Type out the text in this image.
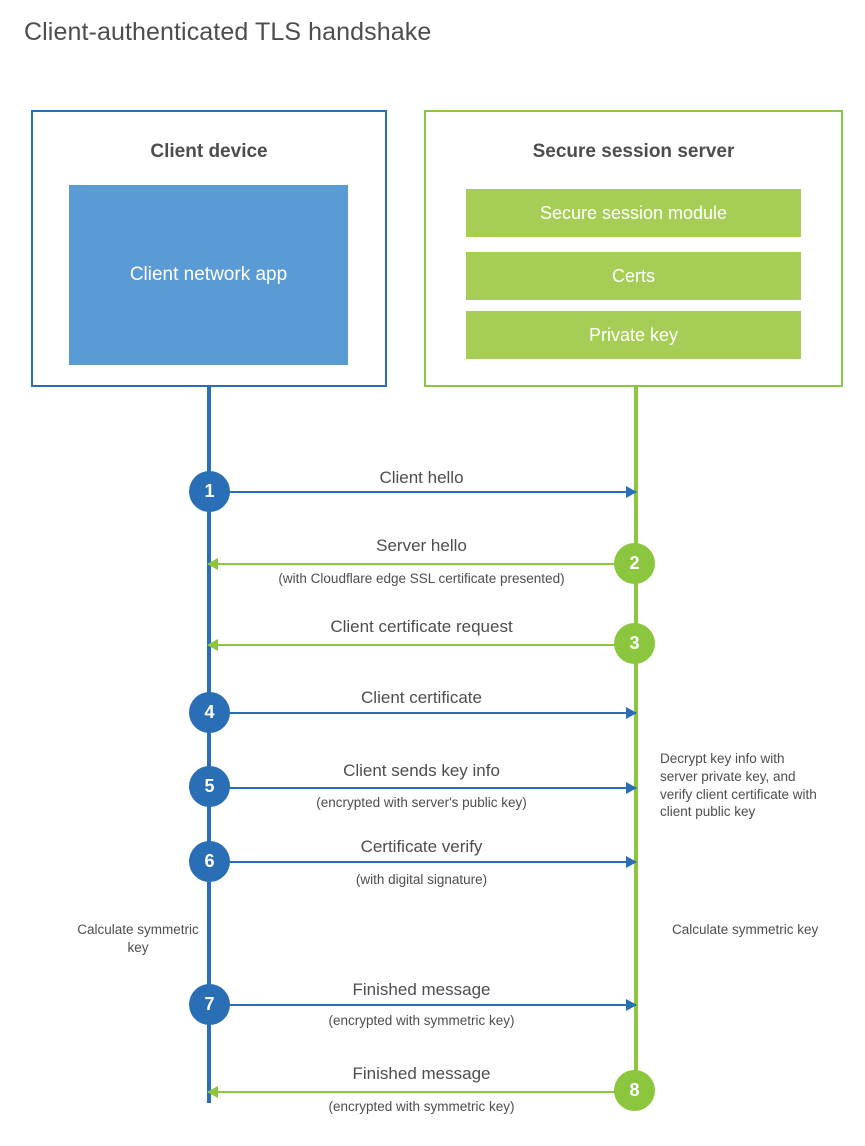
Client-authenticated TLS handshake
Client device
Client network app
Secure session server
Secure session module
Certs
Private key
Client hello
1
Server hello
(with Cloudflare edge SSL certificate presented)
2
Client certificate request
3
Client certificate
4
Client sends key info
(encrypted with server's public key)
5
Certificate verify
(with digital signature)
6
Decrypt key info with server private key, and verify client certificate with client public key
Calculate symmetric key
Calculate symmetric key
Finished message
(encrypted with symmetric key)
7
Finished message
(encrypted with symmetric key)
8
